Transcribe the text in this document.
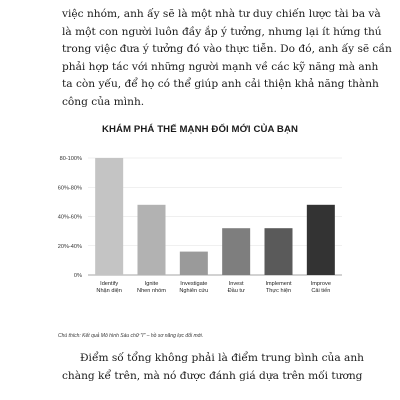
việc nhóm, anh ấy sẽ là một nhà tư duy chiến lược tài ba và
là một con người luôn đầy ắp ý tưởng, nhưng lại ít hứng thú
trong việc đưa ý tưởng đó vào thực tiễn. Do đó, anh ấy sẽ cần
phải hợp tác với những người mạnh về các kỹ năng mà anh
ta còn yếu, để họ có thể giúp anh cải thiện khả năng thành
công của mình.

KHÁM PHÁ THẾ MẠNH ĐỔI MỚI CỦA BẠN
0%
20%-40%
40%-60%
60%-80%
80-100%
Identify
Nhận diện
Ignite
Nhen nhóm
Investigate
Nghiên cứu
Invest
Đầu tư
Implement
Thực hiện
Improve
Cải tiến
Chú thích: Kết quả Mô hình Sáu chữ "I" – hồ sơ năng lực đổi mới.

Điểm số tổng không phải là điểm trung bình của anh
chàng kể trên, mà nó được đánh giá dựa trên mối tương
